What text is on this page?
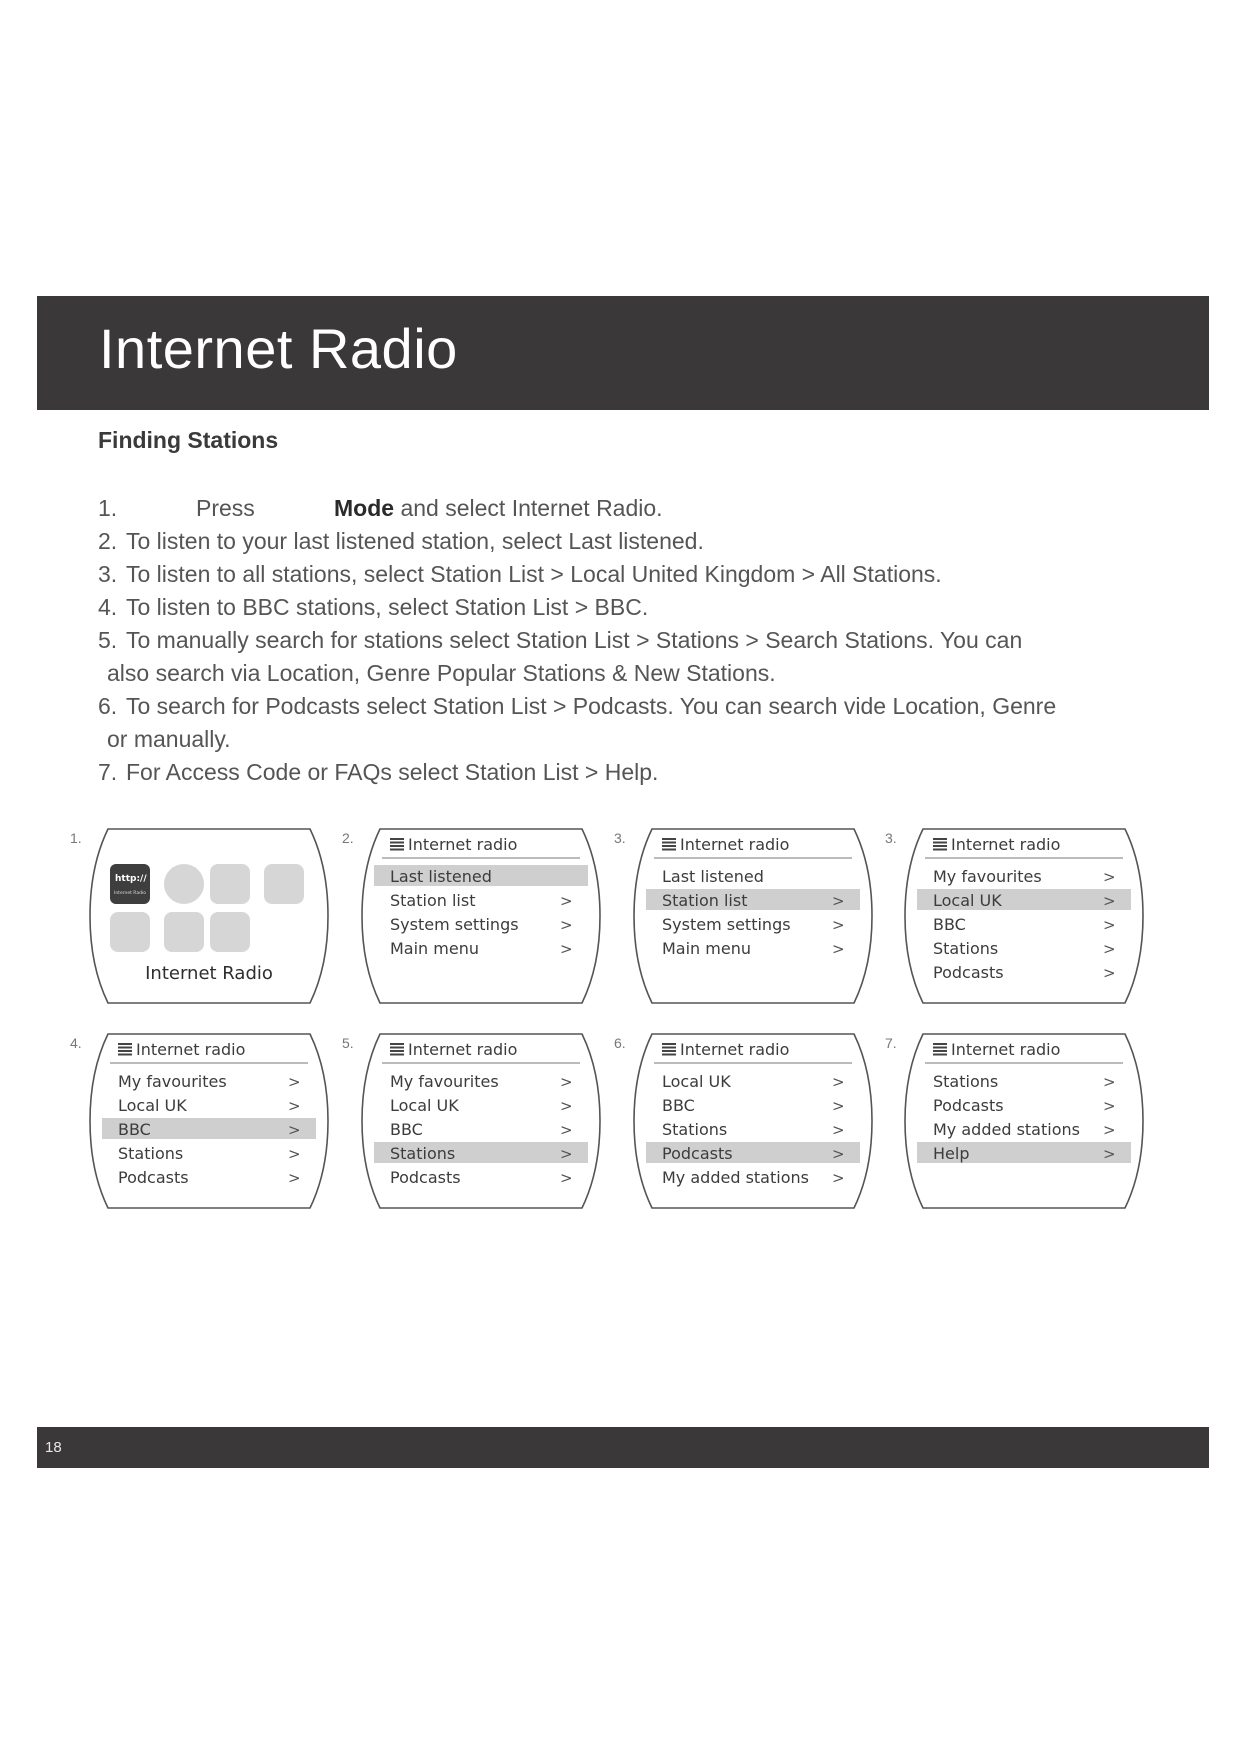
Internet Radio
Finding Stations
1.	Press	Mode and select Internet Radio.
2. To listen to your last listened station, select Last listened.
3. To listen to all stations, select Station List > Local United Kingdom > All Stations.
4. To listen to BBC stations, select Station List > BBC.
5. To manually search for stations select Station List > Stations > Search Stations. You can
also search via Location, Genre Popular Stations & New Stations.
6. To search for Podcasts select Station List > Podcasts. You can search vide Location, Genre
or manually.
7. For Access Code or FAQs select Station List > Help.
1.
http://
Internet Radio
Internet Radio
2.	Internet radio
Last listened
Station list	>
System settings	>
Main menu	>
3.	Internet radio
Last listened
Station list	>
System settings	>
Main menu	>
3.	Internet radio
My favourites	>
Local UK	>
BBC	>
Stations	>
Podcasts	>
4.	Internet radio
My favourites	>
Local UK	>
BBC	>
Stations	>
Podcasts	>
5.	Internet radio
My favourites	>
Local UK	>
BBC	>
Stations	>
Podcasts	>
6.	Internet radio
Local UK	>
BBC	>
Stations	>
Podcasts	>
My added stations >
7.	Internet radio
Stations	>
Podcasts	>
My added stations >
Help	>
18
